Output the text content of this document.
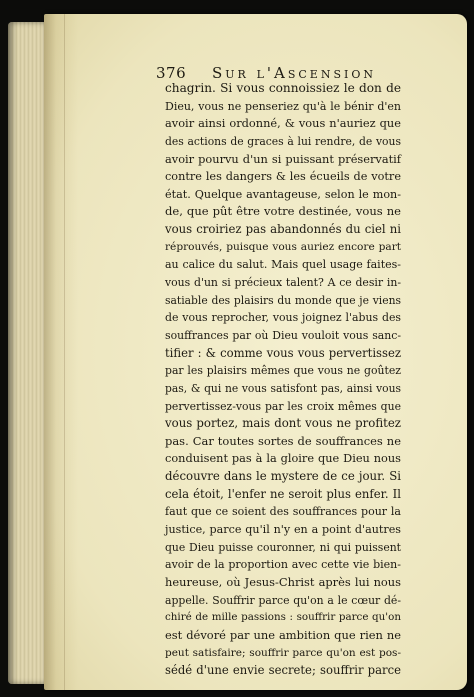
376 Sur l'Ascension
chagrin. Si vous connoissiez le don de
Dieu, vous ne penseriez qu'à le bénir d'en
avoir ainsi ordonné, & vous n'auriez que
des actions de graces à lui rendre, de vous
avoir pourvu d'un si puissant préservatif
contre les dangers & les écueils de votre
état. Quelque avantageuse, selon le mon-
de, que pût être votre destinée, vous ne
vous croiriez pas abandonnés du ciel ni
réprouvés, puisque vous auriez encore part
au calice du salut. Mais quel usage faites-
vous d'un si précieux talent? A ce desir in-
satiable des plaisirs du monde que je viens
de vous reprocher, vous joignez l'abus des
souffrances par où Dieu vouloit vous sanc-
tifier : & comme vous vous pervertissez
par les plaisirs mêmes que vous ne goûtez
pas, & qui ne vous satisfont pas, ainsi vous
pervertissez-vous par les croix mêmes que
vous portez, mais dont vous ne profitez
pas. Car toutes sortes de souffrances ne
conduisent pas à la gloire que Dieu nous
découvre dans le mystere de ce jour. Si
cela étoit, l'enfer ne seroit plus enfer. Il
faut que ce soient des souffrances pour la
justice, parce qu'il n'y en a point d'autres
que Dieu puisse couronner, ni qui puissent
avoir de la proportion avec cette vie bien-
heureuse, où Jesus-Christ après lui nous
appelle. Souffrir parce qu'on a le cœur dé-
chiré de mille passions : souffrir parce qu'on
est dévoré par une ambition que rien ne
peut satisfaire; souffrir parce qu'on est pos-
sédé d'une envie secrete; souffrir parce
